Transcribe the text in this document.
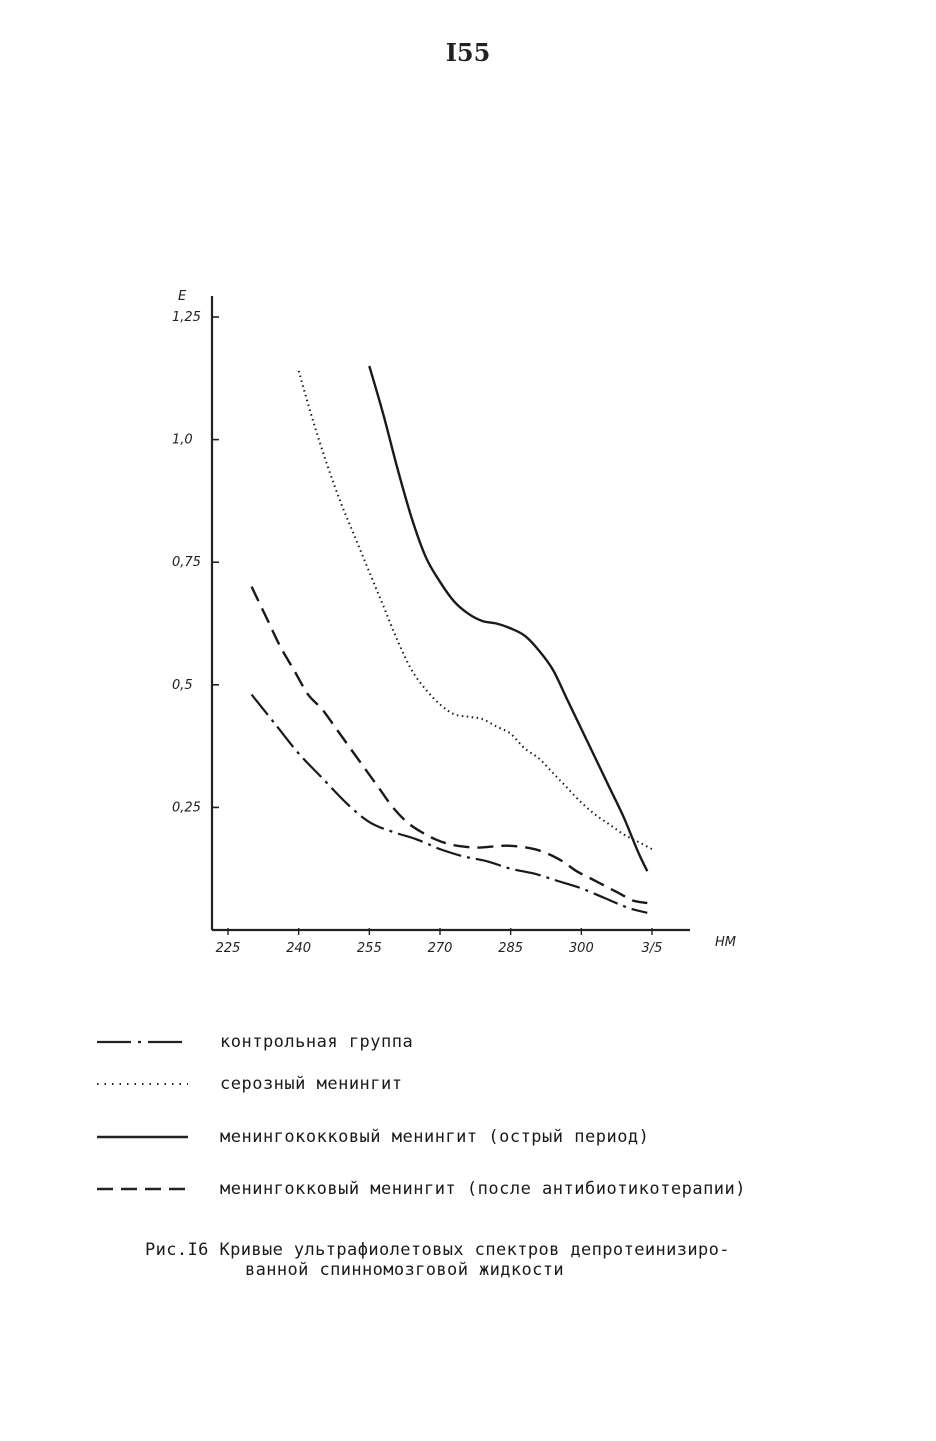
I55
E
НМ
0,25
0,5
0,75
1,0
1,25
225	240	255	270	285	300	3/5
контрольная группа
серозный менингит
менингококковый менингит (острый период)
менингокковый менингит (после антибиотикотерапии)
Рис.I6 Кривые ультрафиолетовых спектров депротеинизиро-
ванной спинномозговой жидкости
